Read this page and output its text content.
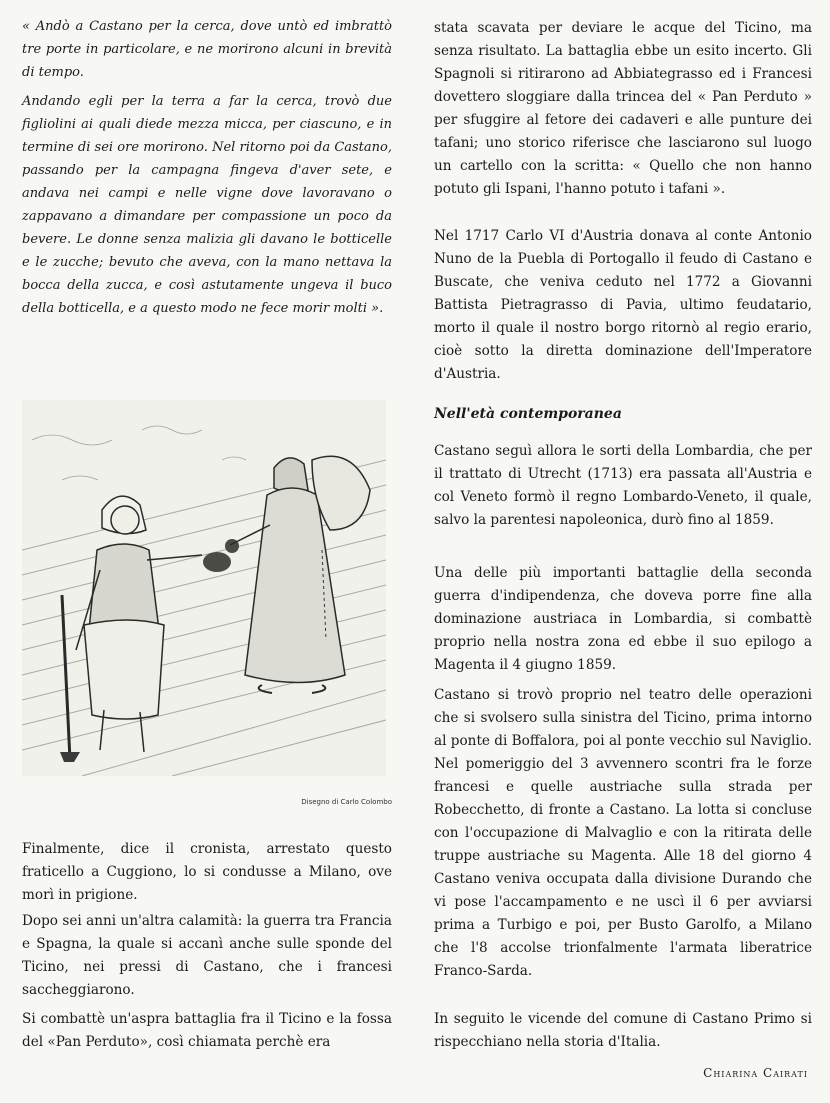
« Andò a Castano per la cerca, dove untò ed imbrattò tre porte in particolare, e ne morirono alcuni in brevità di tempo.

Andando egli per la terra a far la cerca, trovò due figliolini ai quali diede mezza micca, per ciascuno, e in termine di sei ore morirono. Nel ritorno poi da Castano, passando per la campagna fingeva d'aver sete, e andava nei campi e nelle vigne dove lavoravano o zappavano a dimandare per compassione un poco da bevere. Le donne senza malizia gli davano le botticelle e le zucche; bevuto che aveva, con la mano nettava la bocca della zucca, e così astutamente ungeva il buco della botticella, e a questo modo ne fece morir molti ».

Disegno di Carlo Colombo

Finalmente, dice il cronista, arrestato questo fraticello a Cuggiono, lo si condusse a Milano, ove morì in prigione.

Dopo sei anni un'altra calamità: la guerra tra Francia e Spagna, la quale si accanì anche sulle sponde del Ticino, nei pressi di Castano, che i francesi saccheggiarono.

Si combattè un'aspra battaglia fra il Ticino e la fossa del «Pan Perduto», così chiamata perchè era

stata scavata per deviare le acque del Ticino, ma senza risultato. La battaglia ebbe un esito incerto. Gli Spagnoli si ritirarono ad Abbiategrasso ed i Francesi dovettero sloggiare dalla trincea del « Pan Perduto » per sfuggire al fetore dei cadaveri e alle punture dei tafani; uno storico riferisce che lasciarono sul luogo un cartello con la scritta: « Quello che non hanno potuto gli Ispani, l'hanno potuto i tafani ».

Nel 1717 Carlo VI d'Austria donava al conte Antonio Nuno de la Puebla di Portogallo il feudo di Castano e Buscate, che veniva ceduto nel 1772 a Giovanni Battista Pietragrasso di Pavia, ultimo feudatario, morto il quale il nostro borgo ritornò al regio erario, cioè sotto la diretta dominazione dell'Imperatore d'Austria.

Nell'età contemporanea

Castano seguì allora le sorti della Lombardia, che per il trattato di Utrecht (1713) era passata all'Austria e col Veneto formò il regno Lombardo-Veneto, il quale, salvo la parentesi napoleonica, durò fino al 1859.

Una delle più importanti battaglie della seconda guerra d'indipendenza, che doveva porre fine alla dominazione austriaca in Lombardia, si combattè proprio nella nostra zona ed ebbe il suo epilogo a Magenta il 4 giugno 1859.

Castano si trovò proprio nel teatro delle operazioni che si svolsero sulla sinistra del Ticino, prima intorno al ponte di Boffalora, poi al ponte vecchio sul Naviglio. Nel pomeriggio del 3 avvennero scontri fra le forze francesi e quelle austriache sulla strada per Robecchetto, di fronte a Castano. La lotta si concluse con l'occupazione di Malvaglio e con la ritirata delle truppe austriache su Magenta. Alle 18 del giorno 4 Castano veniva occupata dalla divisione Durando che vi pose l'accampamento e ne uscì il 6 per avviarsi prima a Turbigo e poi, per Busto Garolfo, a Milano che l'8 accolse trionfalmente l'armata liberatrice Franco-Sarda.

In seguito le vicende del comune di Castano Primo si rispecchiano nella storia d'Italia.

Chiarina Cairati
